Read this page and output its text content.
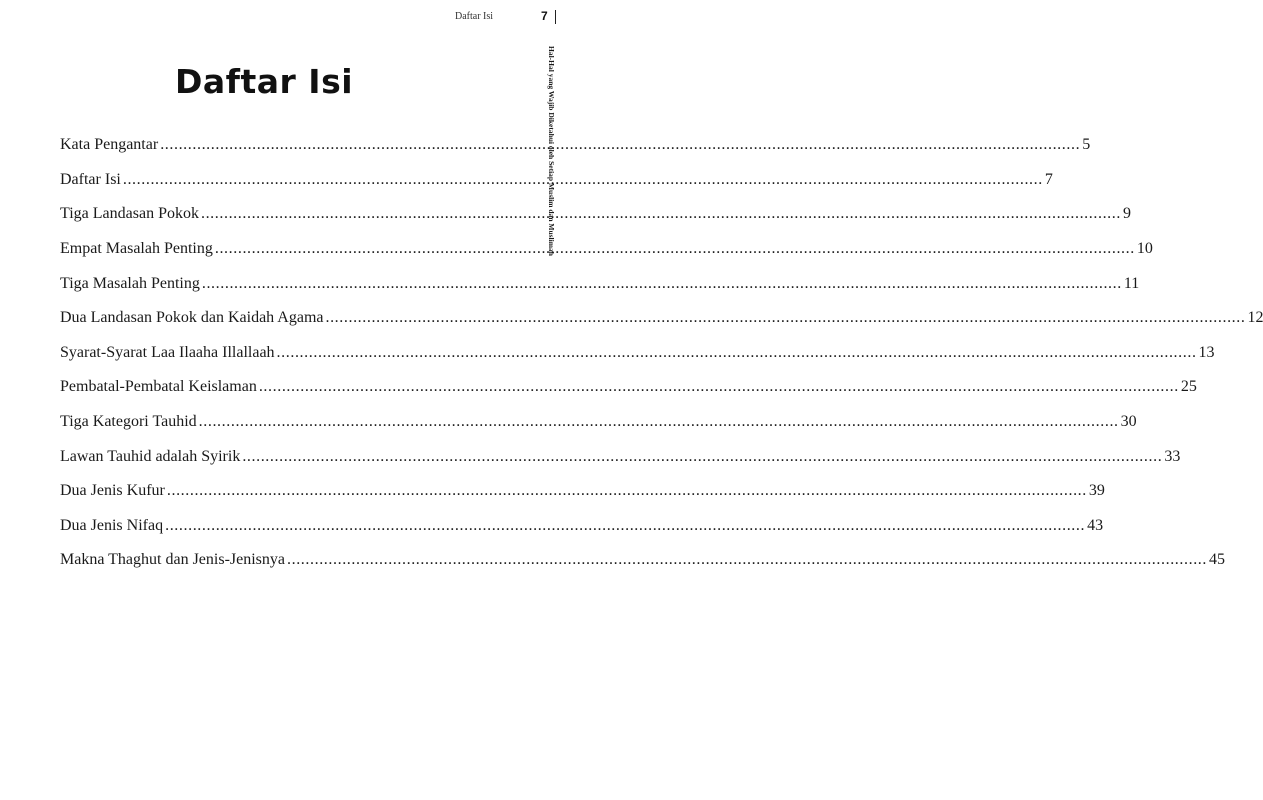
Daftar Isi	7
Hal-Hal yang Wajib Diketahui oleh Setiap Muslim dan Muslimah
Daftar Isi
Kata Pengantar ........................................................................................................................................................................................................ 5
Daftar Isi ........................................................................................................................................................................................................ 7
Tiga Landasan Pokok ........................................................................................................................................................................................................ 9
Empat Masalah Penting ........................................................................................................................................................................................................ 10
Tiga Masalah Penting ........................................................................................................................................................................................................ 11
Dua Landasan Pokok dan Kaidah Agama ........................................................................................................................................................................................................ 12
Syarat-Syarat Laa Ilaaha Illallaah ........................................................................................................................................................................................................ 13
Pembatal-Pembatal Keislaman ........................................................................................................................................................................................................ 25
Tiga Kategori Tauhid ........................................................................................................................................................................................................ 30
Lawan Tauhid adalah Syirik ........................................................................................................................................................................................................ 33
Dua Jenis Kufur ........................................................................................................................................................................................................ 39
Dua Jenis Nifaq ........................................................................................................................................................................................................ 43
Makna Thaghut dan Jenis-Jenisnya ........................................................................................................................................................................................................ 45
